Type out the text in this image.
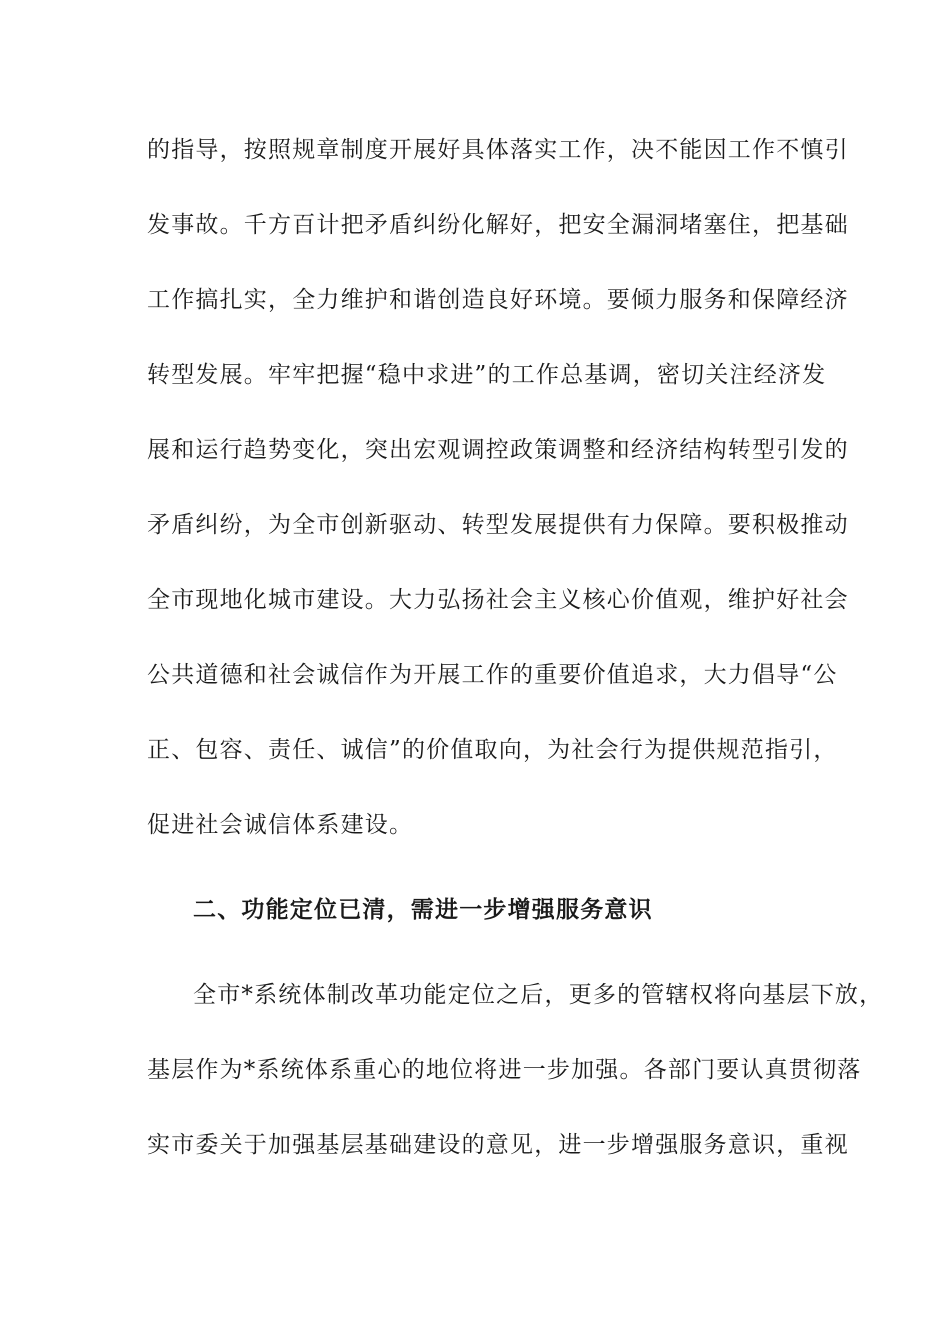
的指导，按照规章制度开展好具体落实工作，决不能因工作不慎引
发事故。千方百计把矛盾纠纷化解好，把安全漏洞堵塞住，把基础
工作搞扎实，全力维护和谐创造良好环境。要倾力服务和保障经济
转型发展。牢牢把握“稳中求进”的工作总基调，密切关注经济发
展和运行趋势变化，突出宏观调控政策调整和经济结构转型引发的
矛盾纠纷，为全市创新驱动、转型发展提供有力保障。要积极推动
全市现地化城市建设。大力弘扬社会主义核心价值观，维护好社会
公共道德和社会诚信作为开展工作的重要价值追求，大力倡导“公
正、包容、责任、诚信”的价值取向，为社会行为提供规范指引，
促进社会诚信体系建设。
二、功能定位已清，需进一步增强服务意识
全市*系统体制改革功能定位之后，更多的管辖权将向基层下放，
基层作为*系统体系重心的地位将进一步加强。各部门要认真贯彻落
实市委关于加强基层基础建设的意见，进一步增强服务意识，重视
